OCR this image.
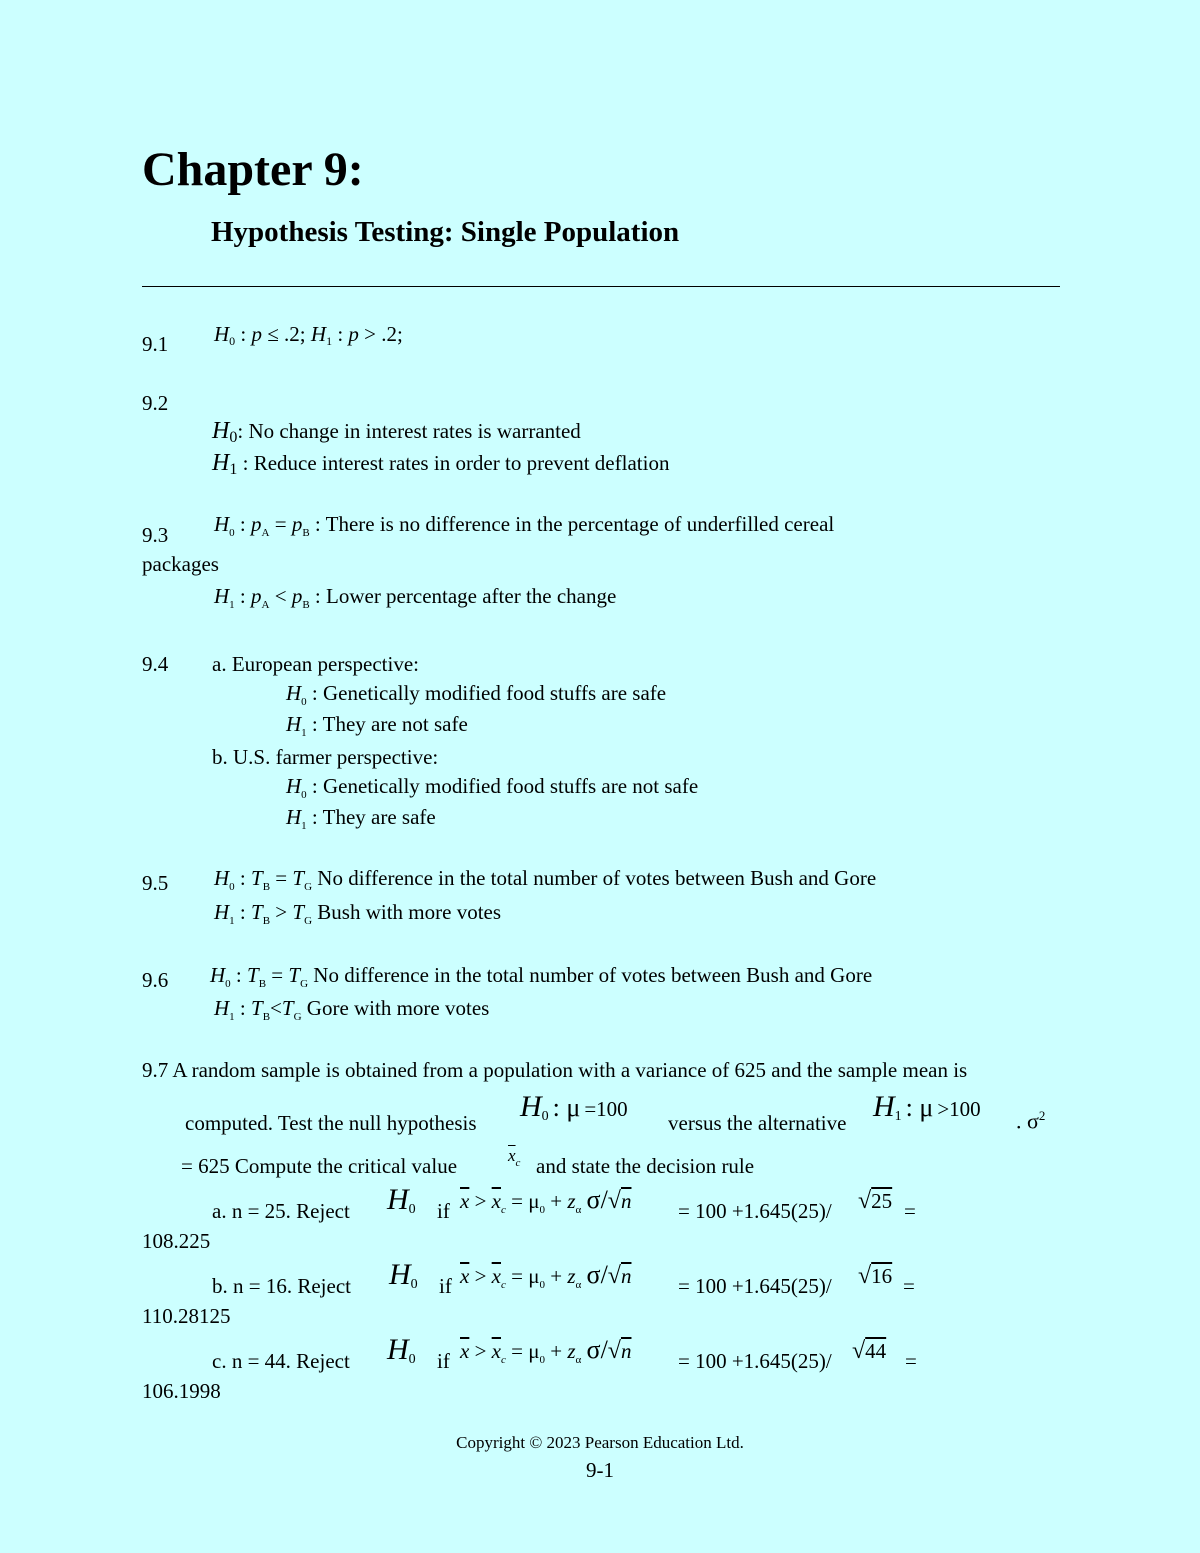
Chapter 9:
Hypothesis Testing: Single Population
9.1 $H_0$ : p ≤ .2; $H_1$ : p > .2;
9.2
$H_0$: No change in interest rates is warranted
$H_1$ : Reduce interest rates in order to prevent deflation
9.3 $H_0$ : $p_A = p_B$ : There is no difference in the percentage of underfilled cereal
packages
$H_1$ : $p_A < p_B$ : Lower percentage after the change
9.4 a. European perspective:
$H_0$ : Genetically modified food stuffs are safe
$H_1$ : They are not safe
b. U.S. farmer perspective:
$H_0$ : Genetically modified food stuffs are not safe
$H_1$ : They are safe
9.5 $H_0$ : $T_B = T_G$ No difference in the total number of votes between Bush and Gore
$H_1$ : $T_B > T_G$ Bush with more votes
9.6 $H_0$ : $T_B = T_G$ No difference in the total number of votes between Bush and Gore
$H_1$ : $T_B<T_G$ Gore with more votes
9.7 A random sample is obtained from a population with a variance of 625 and the sample mean is
computed. Test the null hypothesis H0 : μ =100
versus the alternative H1 : μ >100 . $\sigma^2$
= 625 Compute the critical value	$\overline{x}_c$ and state the decision rule
a. n = 25. Reject H0 if $\overline{x} > \overline{x}_c = \mu_0 + z_\alpha$ σ/√n = 100 +1.645(25)/ √25 =
108.225
b. n = 16. Reject H0 if $\overline{x} > \overline{x}_c = \mu_0 + z_\alpha$ σ/√n = 100 +1.645(25)/ √16 =
110.28125
c. n = 44. Reject H0 if $\overline{x} > \overline{x}_c = \mu_0 + z_\alpha$ σ/√n = 100 +1.645(25)/ √44 =
106.1998
Copyright © 2023 Pearson Education Ltd.
9-1
